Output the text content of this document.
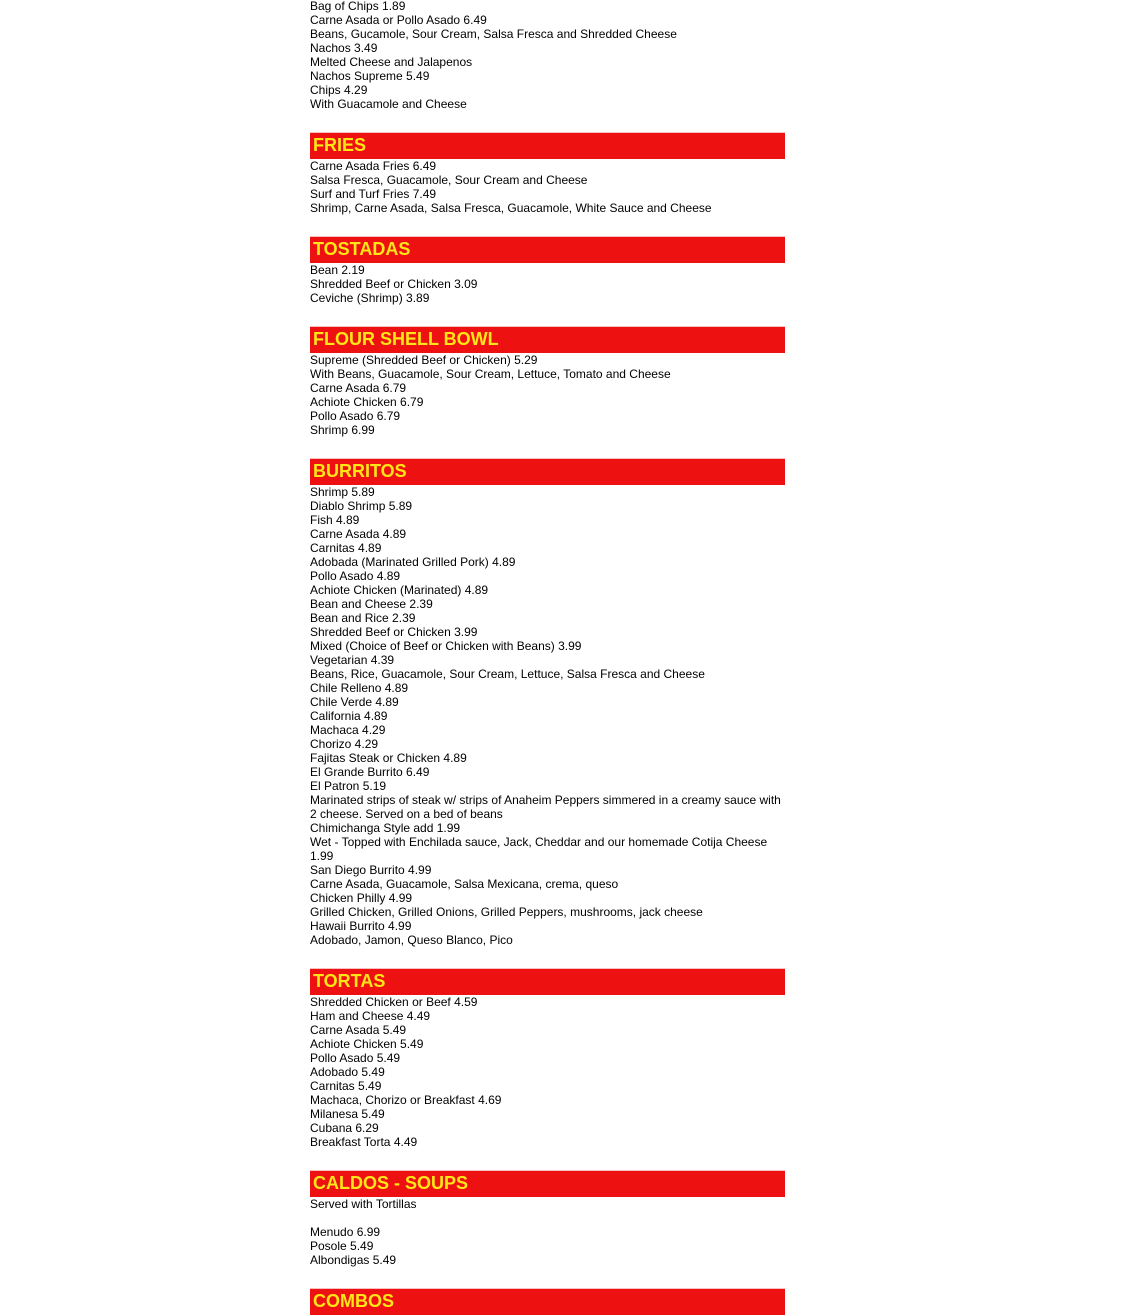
Bag of Chips 1.89
Carne Asada or Pollo Asado 6.49
Beans, Gucamole, Sour Cream, Salsa Fresca and Shredded Cheese
Nachos 3.49
Melted Cheese and Jalapenos
Nachos Supreme 5.49
Chips 4.29
With Guacamole and Cheese
FRIES
Carne Asada Fries 6.49
Salsa Fresca, Guacamole, Sour Cream and Cheese
Surf and Turf Fries 7.49
Shrimp, Carne Asada, Salsa Fresca, Guacamole, White Sauce and Cheese
TOSTADAS
Bean 2.19
Shredded Beef or Chicken 3.09
Ceviche (Shrimp) 3.89
FLOUR SHELL BOWL
Supreme (Shredded Beef or Chicken) 5.29
With Beans, Guacamole, Sour Cream, Lettuce, Tomato and Cheese
Carne Asada 6.79
Achiote Chicken 6.79
Pollo Asado 6.79
Shrimp 6.99
BURRITOS
Shrimp 5.89
Diablo Shrimp 5.89
Fish 4.89
Carne Asada 4.89
Carnitas 4.89
Adobada (Marinated Grilled Pork) 4.89
Pollo Asado 4.89
Achiote Chicken (Marinated) 4.89
Bean and Cheese 2.39
Bean and Rice 2.39
Shredded Beef or Chicken 3.99
Mixed (Choice of Beef or Chicken with Beans) 3.99
Vegetarian 4.39
Beans, Rice, Guacamole, Sour Cream, Lettuce, Salsa Fresca and Cheese
Chile Relleno 4.89
Chile Verde 4.89
California 4.89
Machaca 4.29
Chorizo 4.29
Fajitas Steak or Chicken 4.89
El Grande Burrito 6.49
El Patron 5.19
Marinated strips of steak w/ strips of Anaheim Peppers simmered in a creamy sauce with 2 cheese. Served on a bed of beans
Chimichanga Style add 1.99
Wet - Topped with Enchilada sauce, Jack, Cheddar and our homemade Cotija Cheese 1.99
San Diego Burrito 4.99
Carne Asada, Guacamole, Salsa Mexicana, crema, queso
Chicken Philly 4.99
Grilled Chicken, Grilled Onions, Grilled Peppers, mushrooms, jack cheese
Hawaii Burrito 4.99
Adobado, Jamon, Queso Blanco, Pico
TORTAS
Shredded Chicken or Beef 4.59
Ham and Cheese 4.49
Carne Asada 5.49
Achiote Chicken 5.49
Pollo Asado 5.49
Adobado 5.49
Carnitas 5.49
Machaca, Chorizo or Breakfast 4.69
Milanesa 5.49
Cubana 6.29
Breakfast Torta 4.49
CALDOS - SOUPS
Served with Tortillas
Menudo 6.99
Posole 5.49
Albondigas 5.49
COMBOS
